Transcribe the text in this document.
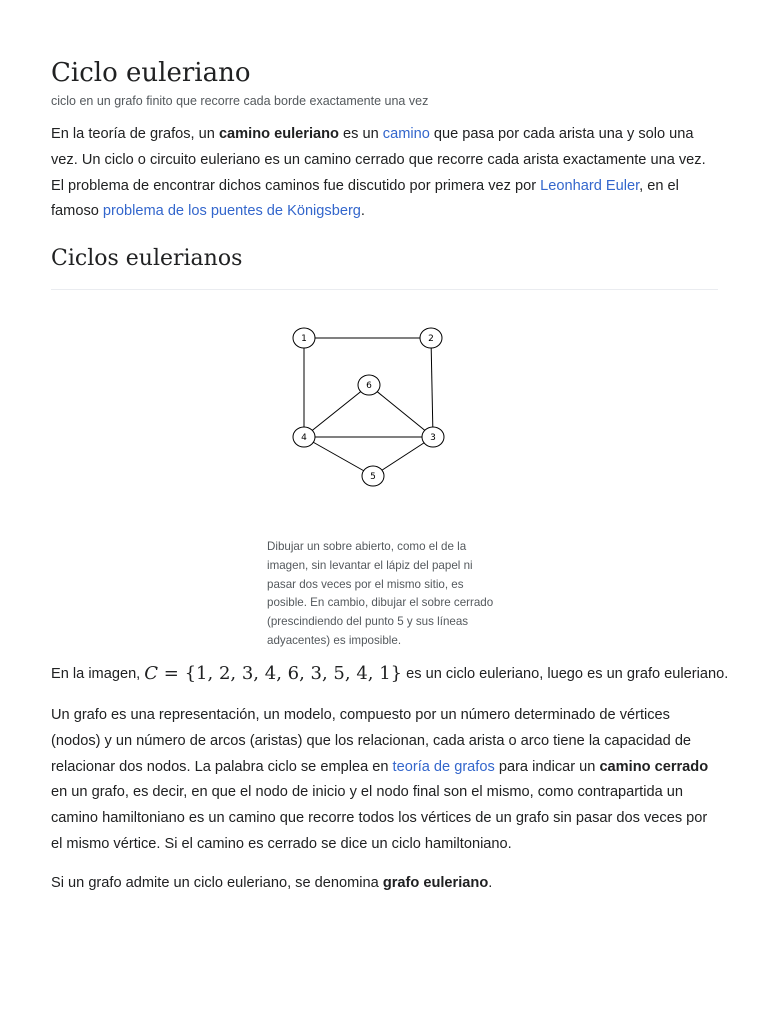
Ciclo euleriano
ciclo en un grafo finito que recorre cada borde exactamente una vez

En la teoría de grafos, un camino euleriano es un camino que pasa por cada arista una y solo una vez. Un ciclo o circuito euleriano es un camino cerrado que recorre cada arista exactamente una vez. El problema de encontrar dichos caminos fue discutido por primera vez por Leonhard Euler, en el famoso problema de los puentes de Königsberg.

Ciclos eulerianos
1	2
6
4	3
5
Dibujar un sobre abierto, como el de la imagen, sin levantar el lápiz del papel ni pasar dos veces por el mismo sitio, es posible. En cambio, dibujar el sobre cerrado (prescindiendo del punto 5 y sus líneas adyacentes) es imposible.

En la imagen, C = {1, 2, 3, 4, 6, 3, 5, 4, 1} es un ciclo euleriano, luego es un grafo euleriano.

Un grafo es una representación, un modelo, compuesto por un número determinado de vértices (nodos) y un número de arcos (aristas) que los relacionan, cada arista o arco tiene la capacidad de relacionar dos nodos. La palabra ciclo se emplea en teoría de grafos para indicar un camino cerrado en un grafo, es decir, en que el nodo de inicio y el nodo final son el mismo, como contrapartida un camino hamiltoniano es un camino que recorre todos los vértices de un grafo sin pasar dos veces por el mismo vértice. Si el camino es cerrado se dice un ciclo hamiltoniano.

Si un grafo admite un ciclo euleriano, se denomina grafo euleriano.
